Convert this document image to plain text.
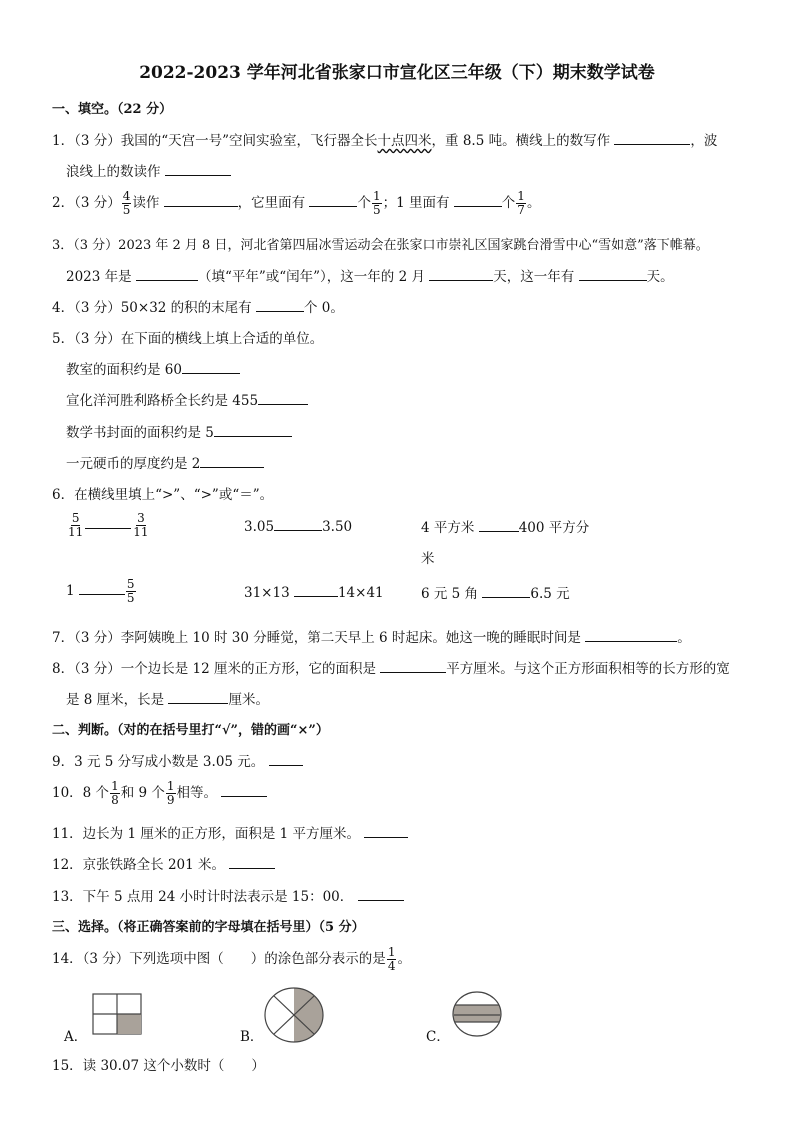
2022-2023 学年河北省张家口市宣化区三年级（下）期末数学试卷
一、填空。（22 分）
1．（3 分）我国的“天宫一号”空间实验室，飞行器全长十点四米，重 8.5 吨。横线上的数写作	，波
浪线上的数读作
2．（3 分） $\frac{4}{5}$ 读作	，它里面有	个 $\frac{1}{5}$ ；1 里面有	个 $\frac{1}{7}$ 。
3．（3 分）2023 年 2 月 8 日，河北省第四届冰雪运动会在张家口市崇礼区国家跳台滑雪中心“雪如意”落下帷幕。
2023 年是	（填“平年”或“闰年”），这一年的 2 月	天，这一年有	天。
4．（3 分）50×32 的积的末尾有	个 0。
5．（3 分）在下面的横线上填上合适的单位。
教室的面积约是 60
宣化洋河胜利路桥全长约是 455
数学书封面的面积约是 5
一元硬币的厚度约是 2
6．在横线里填上“>”、“>”或“＝”。
$\frac{5}{11}$	$\frac{3}{11}$	3.05	3.50	4 平方米	400 平方分
米
1	$\frac{5}{5}$	31×13	14×41	6 元 5 角	6.5 元
7．（3 分）李阿姨晚上 10 时 30 分睡觉，第二天早上 6 时起床。她这一晚的睡眠时间是	。
8．（3 分）一个边长是 12 厘米的正方形，它的面积是	平方厘米。与这个正方形面积相等的长方形的宽
是 8 厘米，长是	厘米。
二、判断。（对的在括号里打“√”，错的画“×”）
9．3 元 5 分写成小数是 3.05 元。
10．8 个 $\frac{1}{8}$ 和 9 个 $\frac{1}{9}$ 相等。
11．边长为 1 厘米的正方形，面积是 1 平方厘米。
12．京张铁路全长 201 米。
13．下午 5 点用 24 小时计时法表示是 15：00．
三、选择。（将正确答案前的字母填在括号里）（5 分）
14．（3 分）下列选项中图（　　）的涂色部分表示的是 $\frac{1}{4}$ 。
A．	B．	C．
15．读 30.07 这个小数时（　　）
